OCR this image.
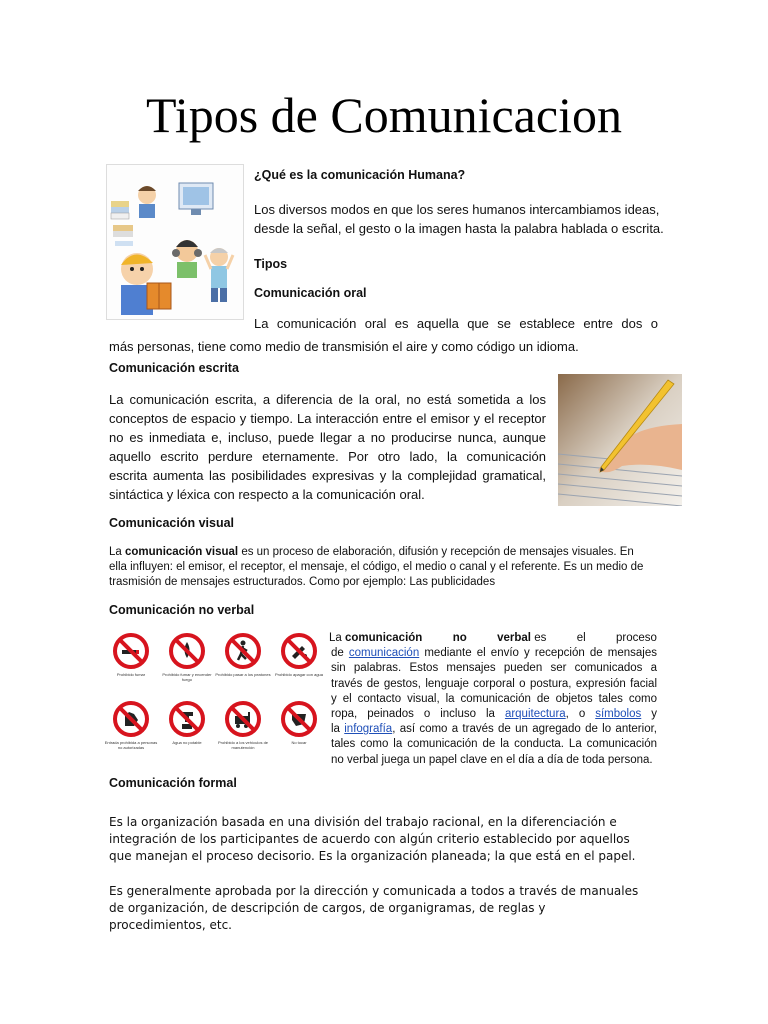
Tipos de Comunicacion

¿Qué es la comunicación Humana?

Los diversos modos en que los seres humanos intercambiamos ideas,

desde la señal, el gesto o la imagen hasta la palabra hablada o escrita.

Tipos

Comunicación oral

La comunicación oral es aquella que se establece entre dos o

más personas, tiene como medio de transmisión el aire y como código un idioma.

Comunicación escrita

La comunicación escrita, a diferencia de la oral, no está sometida a los

conceptos de espacio y tiempo. La interacción entre el emisor y el receptor

no es inmediata e, incluso, puede llegar a no producirse nunca, aunque

aquello escrito perdure eternamente. Por otro lado, la comunicación

escrita aumenta las posibilidades expresivas y la complejidad gramatical,

sintáctica y léxica con respecto a la comunicación oral.

Comunicación visual

La comunicación visual es un proceso de elaboración, difusión y recepción de mensajes visuales. En

ella influyen: el emisor, el receptor, el mensaje, el código, el medio o canal y el referente. Es un medio de

trasmisión de mensajes estructurados. Como por ejemplo: Las publicidades

Comunicación no verbal

Prohibido fumar	Prohibido fumar y encender fuego
Prohibido pasar a los peatones	Prohibido apagar con agua
Entrada prohibida a personas no autorizadas
Agua no potable	Prohibido a los vehículos de manutención
No tocar
La comunicación	no	verbal es	el	proceso
de comunicación mediante el envío y recepción de mensajes
sin palabras. Estos mensajes pueden ser comunicados a
través de gestos, lenguaje corporal o postura, expresión facial
y el contacto visual, la comunicación de objetos tales como
ropa, peinados o incluso la arquitectura, o símbolos y
la infografía, así como a través de un agregado de lo anterior,
tales como la comunicación de la conducta. La comunicación
no verbal juega un papel clave en el día a día de toda persona.

Comunicación formal

Es la organización basada en una división del trabajo racional, en la diferenciación e
integración de los participantes de acuerdo con algún criterio establecido por aquellos
que manejan el proceso decisorio. Es la organización planeada; la que está en el papel.
Es generalmente aprobada por la dirección y comunicada a todos a través de manuales
de organización, de descripción de cargos, de organigramas, de reglas y
procedimientos, etc.
